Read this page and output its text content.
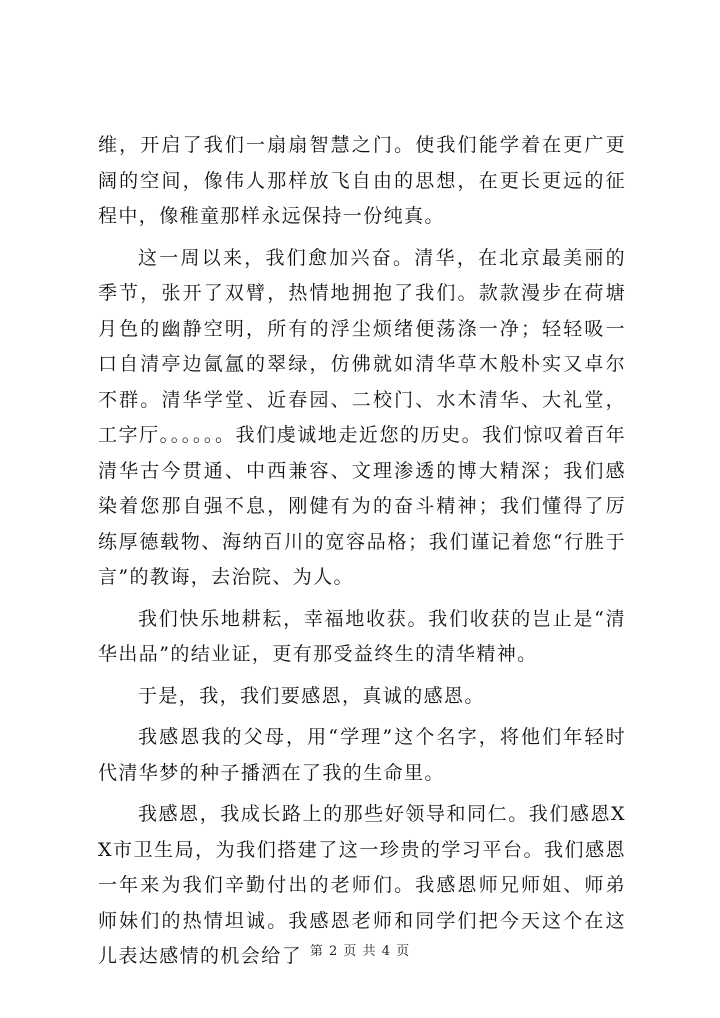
维，开启了我们一扇扇智慧之门。使我们能学着在更广更阔的空间，像伟人那样放飞自由的思想，在更长更远的征程中，像稚童那样永远保持一份纯真。

这一周以来，我们愈加兴奋。清华，在北京最美丽的季节，张开了双臂，热情地拥抱了我们。款款漫步在荷塘月色的幽静空明，所有的浮尘烦绪便荡涤一净；轻轻吸一口自清亭边氤氲的翠绿，仿佛就如清华草木般朴实又卓尔不群。清华学堂、近春园、二校门、水木清华、大礼堂，工字厅。。。。。。我们虔诚地走近您的历史。我们惊叹着百年清华古今贯通、中西兼容、文理渗透的博大精深；我们感染着您那自强不息，刚健有为的奋斗精神；我们懂得了厉练厚德载物、海纳百川的宽容品格；我们谨记着您“行胜于言”的教诲，去治院、为人。

我们快乐地耕耘，幸福地收获。我们收获的岂止是“清华出品”的结业证，更有那受益终生的清华精神。

于是，我，我们要感恩，真诚的感恩。

我感恩我的父母，用“学理”这个名字，将他们年轻时代清华梦的种子播洒在了我的生命里。

我感恩，我成长路上的那些好领导和同仁。我们感恩XX市卫生局，为我们搭建了这一珍贵的学习平台。我们感恩一年来为我们辛勤付出的老师们。我感恩师兄师姐、师弟师妹们的热情坦诚。我感恩老师和同学们把今天这个在这儿表达感情的机会给了 第 2 页 共 4 页
